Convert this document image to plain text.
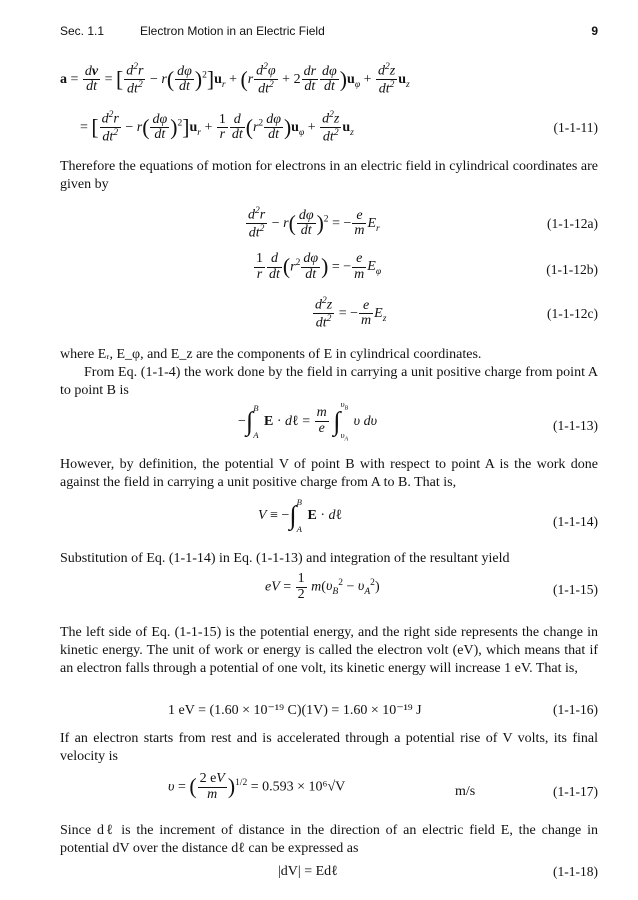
Sec. 1.1	Electron Motion in an Electric Field	9
$a = \frac{dv}{dt}$ = [ $\frac{d^2r}{dt^2} - r( \frac{d\varphi}{dt} )^2]u_r + (r \frac{d^2\varphi}{dt^2} + 2 \frac{dr}{dt} \frac{d\varphi}{dt} )u_\varphi + \frac{d^2z}{dt^2} u_z$
= [ $\frac{d^2r}{dt^2} - r( \frac{d\varphi}{dt} )^2]u_r + \frac{1}{r} \frac{d}{dt} (r^2 \frac{d\varphi}{dt} )u_\varphi + \frac{d^2z}{dt^2} u_z$	(1-1-11)

Therefore the equations of motion for electrons in an electric field in cylindrical coordinates are given by

$\frac{d^2r}{dt^2} - r( \frac{d\varphi}{dt} )^2$ = − $\frac{e}{m} E_r$	(1-1-12a)
$\frac{1}{r} \frac{d}{dt} (r^2 \frac{d\varphi}{dt}$ ) = − $\frac{e}{m} E_\varphi$	(1-1-12b)
$\frac{d^2z}{dt^2}$ = − $\frac{e}{m} E_z$	(1-1-12c)

where Eᵣ, E_φ, and E_z are the components of E in cylindrical coordinates.

From Eq. (1-1-4) the work done by the field in carrying a unit positive charge from point A to point B is

−∫ B
A
E · dℓ = $\frac{m}{e}$ ∫
$\upsilon_B$
$\upsilon_A$
υ dυ	(1-1-13)

However, by definition, the potential V of point B with respect to point A is the work done against the field in carrying a unit positive charge from A to B. That is,

V ≡ −∫ B
A
E · dℓ	(1-1-14)

Substitution of Eq. (1-1-14) in Eq. (1-1-13) and integration of the resultant yield

eV = $\frac{1}{2} m(\upsilon_B^2 - \upsilon_A^2)$	(1-1-15)

The left side of Eq. (1-1-15) is the potential energy, and the right side represents the change in kinetic energy. The unit of work or energy is called the electron volt (eV), which means that if an electron falls through a potential of one volt, its kinetic energy will increase 1 eV. That is,

1 eV = (1.60 × 10⁻¹⁹ C)(1V) = 1.60 × 10⁻¹⁹ J	(1-1-16)

If an electron starts from rest and is accelerated through a potential rise of V volts, its final velocity is

υ = ( $\frac{2 eV}{m} )^{1/2} = 0.593 \times 10^6√V$	m/s	(1-1-17)

Since dℓ is the increment of distance in the direction of an electric field E, the change in potential dV over the distance dℓ can be expressed as

|dV| = Edℓ	(1-1-18)
